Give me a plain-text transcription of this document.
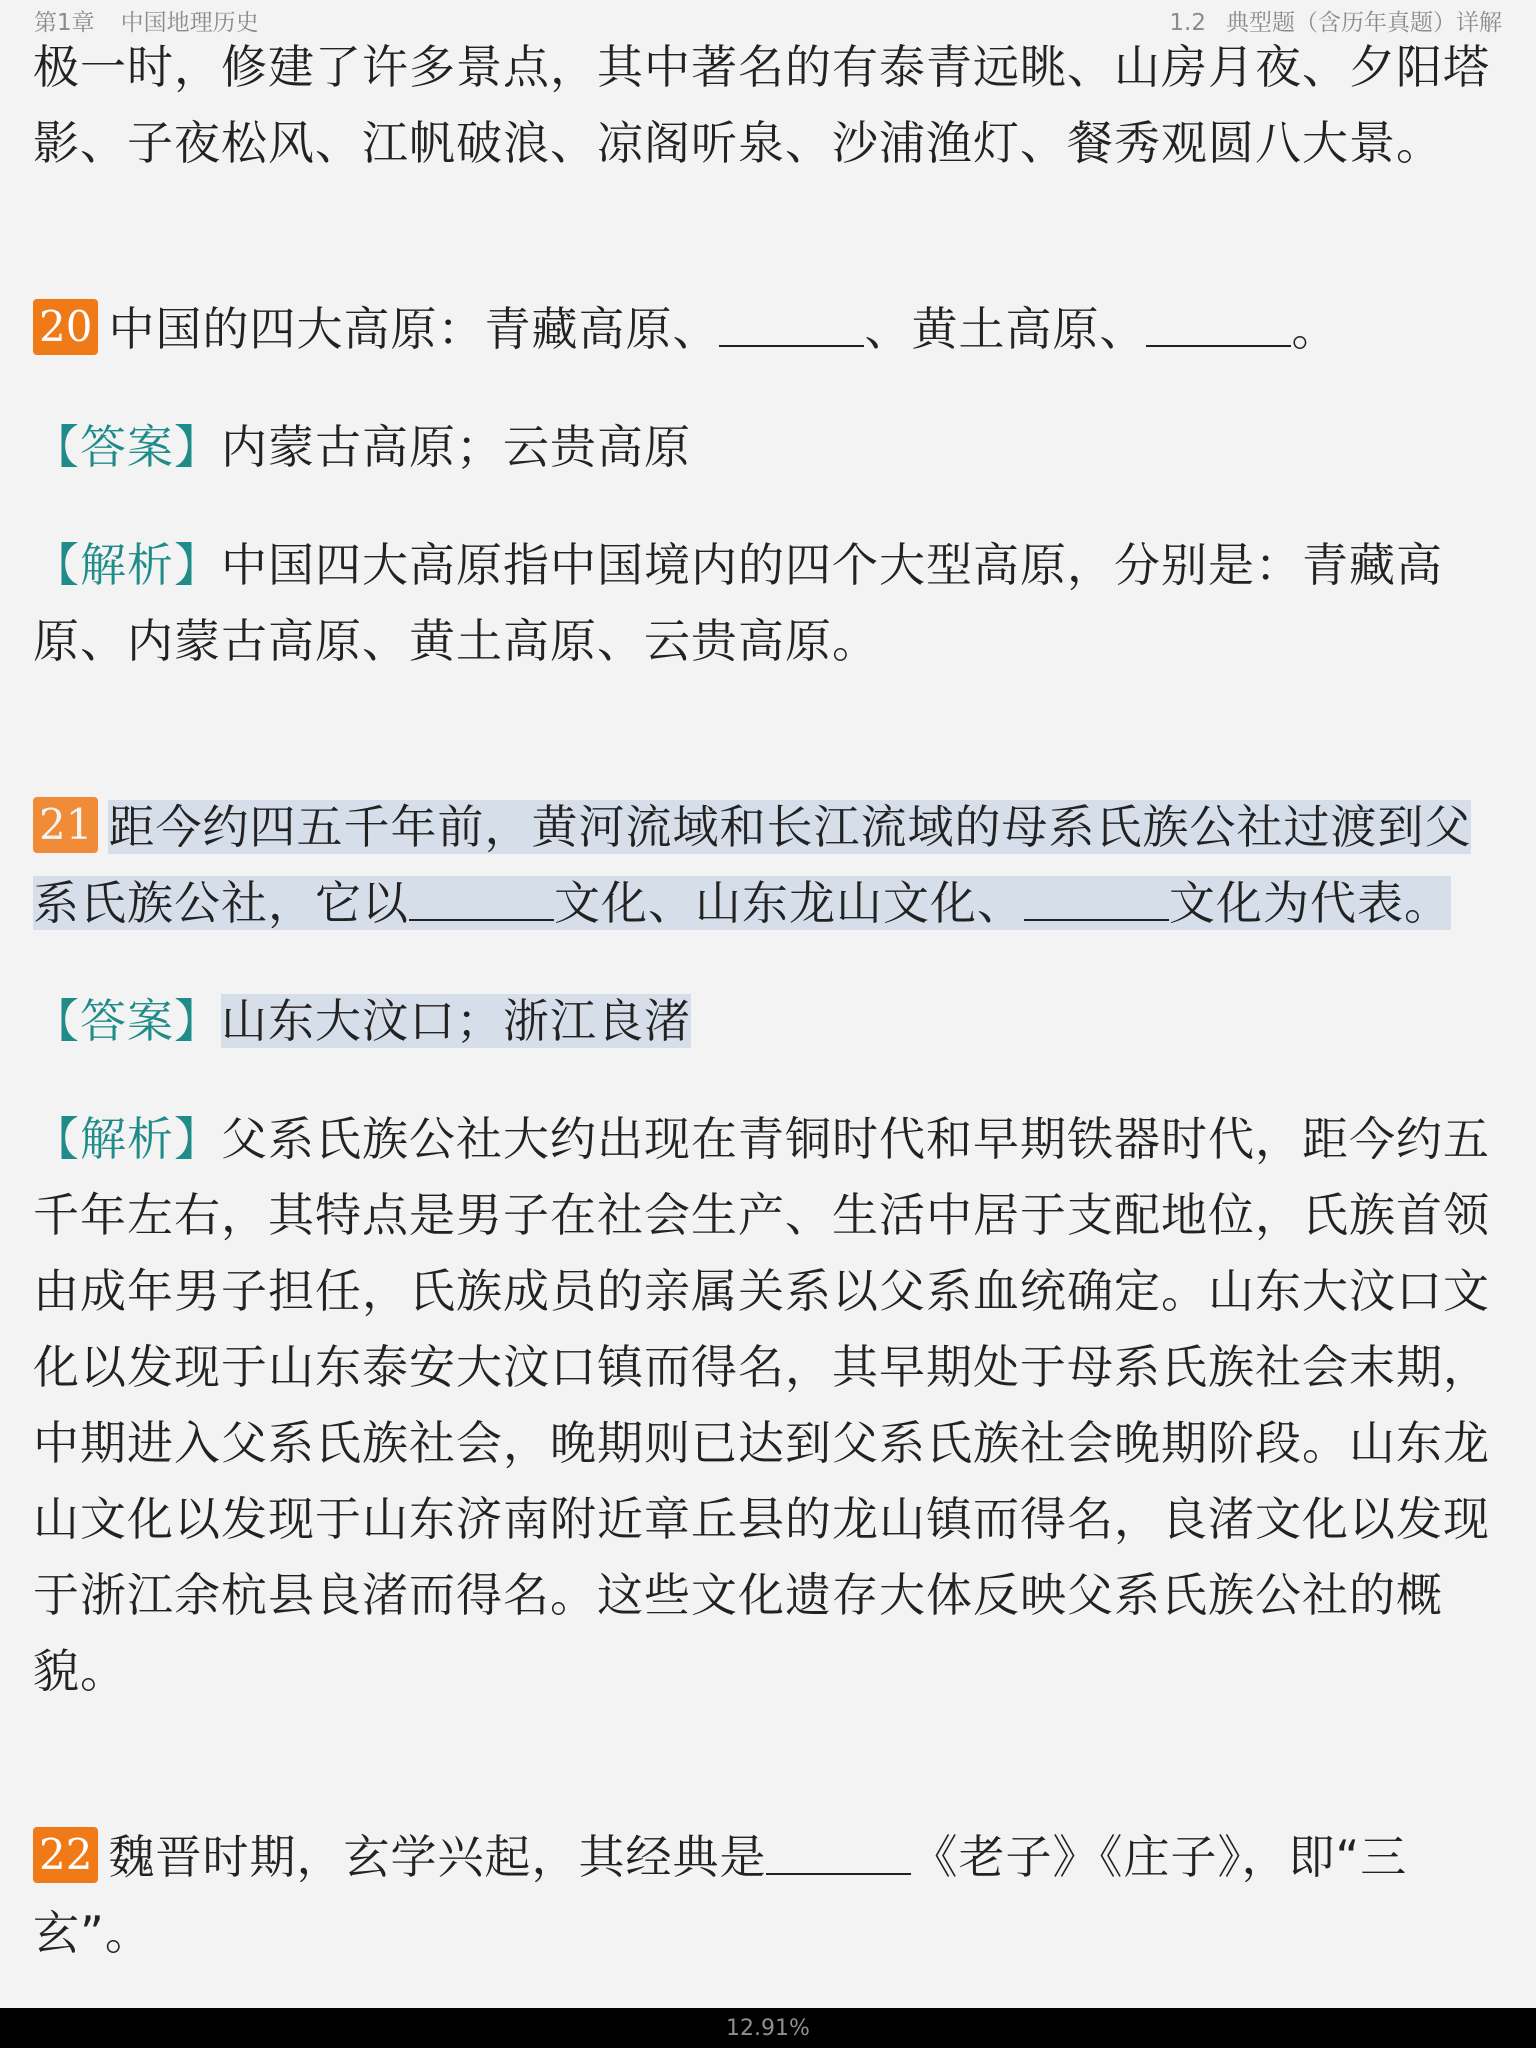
第1章 中国地理历史	1.2 典型题（含历年真题）详解

极一时，修建了许多景点，其中著名的有泰青远眺、山房月夜、夕阳塔影、子夜松风、江帆破浪、凉阁听泉、沙浦渔灯、餐秀观圆八大景。

20 中国的四大高原：青藏高原、	、黄土高原、	。

【答案】内蒙古高原；云贵高原

【解析】中国四大高原指中国境内的四个大型高原，分别是：青藏高原、内蒙古高原、黄土高原、云贵高原。

21 距今约四五千年前，黄河流域和长江流域的母系氏族公社过渡到父系氏族公社，它以	文化、山东龙山文化、	文化为代表。

【答案】山东大汶口；浙江良渚

【解析】父系氏族公社大约出现在青铜时代和早期铁器时代，距今约五千年左右，其特点是男子在社会生产、生活中居于支配地位，氏族首领由成年男子担任，氏族成员的亲属关系以父系血统确定。山东大汶口文化以发现于山东泰安大汶口镇而得名，其早期处于母系氏族社会末期，中期进入父系氏族社会，晚期则已达到父系氏族社会晚期阶段。山东龙山文化以发现于山东济南附近章丘县的龙山镇而得名，良渚文化以发现于浙江余杭县良渚而得名。这些文化遗存大体反映父系氏族公社的概貌。

22 魏晋时期，玄学兴起，其经典是	《老子》《庄子》，即“三玄”。

12.91%
